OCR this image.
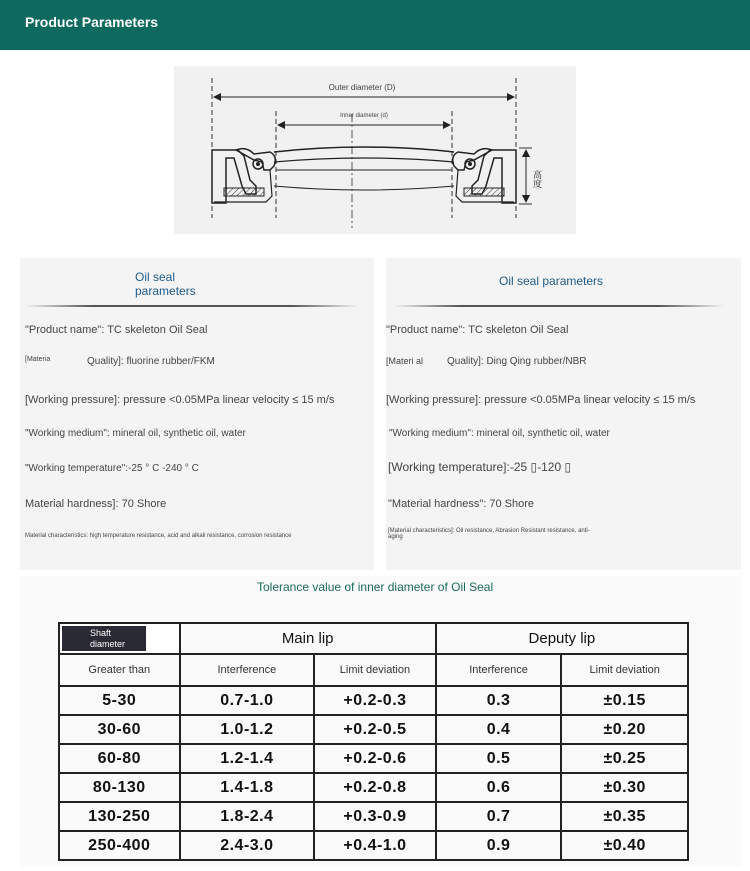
Product Parameters
Outer diameter (D)
Inner diameter (d)
高度
Oil seal parameters
"Product name": TC skeleton Oil Seal
[Materia	Quality]: fluorine rubber/FKM
[Working pressure]: pressure <0.05MPa linear velocity ≤ 15 m/s
"Working medium": mineral oil, synthetic oil, water
"Working temperature":-25 ° C -240 ° C
Material hardness]: 70 Shore
Material characteristics: high temperature resistance, acid and alkali resistance, corrosion resistance
Oil seal parameters
"Product name": TC skeleton Oil Seal
[Materi al Quality]: Ding Qing rubber/NBR
[Working pressure]: pressure <0.05MPa linear velocity ≤ 15 m/s
"Working medium": mineral oil, synthetic oil, water
[Working temperature]:-25 ▯-120 ▯
"Material hardness": 70 Shore
[Material characteristics]: Oil resistance, Abrasion Resistant resistance, anti-
aging
Tolerance value of inner diameter of Oil Seal
Shaft diameter	Main lip		Deputy lip	
Greater than	Interference	Limit deviation	Interference	Limit deviation
5-30	0.7-1.0	+0.2-0.3	0.3	±0.15
30-60	1.0-1.2	+0.2-0.5	0.4	±0.20
60-80	1.2-1.4	+0.2-0.6	0.5	±0.25
80-130	1.4-1.8	+0.2-0.8	0.6	±0.30
130-250	1.8-2.4	+0.3-0.9	0.7	±0.35
250-400	2.4-3.0	+0.4-1.0	0.9	±0.40
